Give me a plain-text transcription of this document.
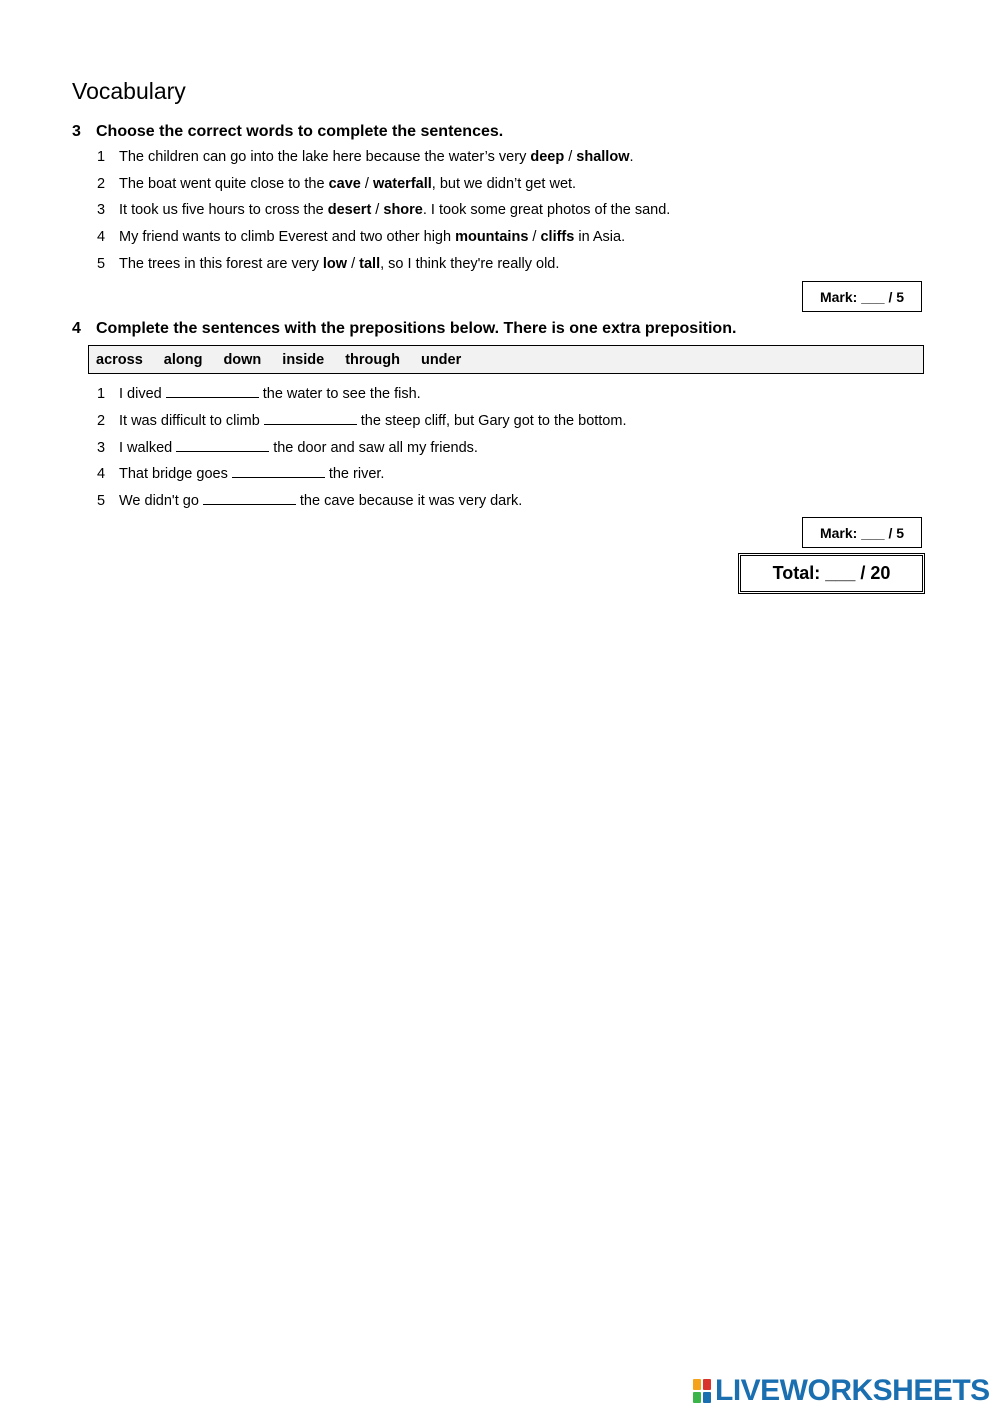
Vocabulary
3 Choose the correct words to complete the sentences.
1 The children can go into the lake here because the water’s very deep / shallow.
2 The boat went quite close to the cave / waterfall, but we didn’t get wet.
3 It took us five hours to cross the desert / shore. I took some great photos of the sand.
4 My friend wants to climb Everest and two other high mountains / cliffs in Asia.
5 The trees in this forest are very low / tall, so I think they're really old.
Mark: ___ / 5
4 Complete the sentences with the prepositions below. There is one extra preposition.
across along down inside through under
1 I dived	the water to see the fish.
2 It was difficult to climb	the steep cliff, but Gary got to the bottom.
3 I walked	the door and saw all my friends.
4 That bridge goes	the river.
5 We didn't go	the cave because it was very dark.
Mark: ___ / 5
Total: ___ / 20
LIVEWORKSHEETS
